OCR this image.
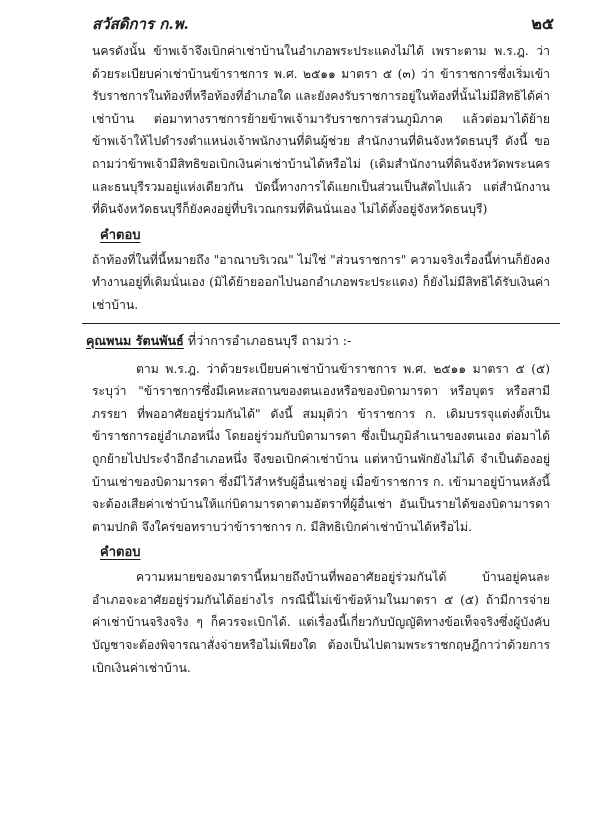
สวัสดิการ ก.พ.	๒๕

นครดังนั้น ข้าพเจ้าจึงเบิกค่าเช่าบ้านในอำเภอพระประแดงไม่ได้ เพราะตาม พ.ร.ฎ. ว่าด้วยระเบียบค่าเช่าบ้านข้าราชการ พ.ศ. ๒๕๑๑ มาตรา ๕ (๓) ว่า ข้าราชการซึ่งเริ่มเข้ารับราชการในท้องที่หรือท้องที่อำเภอใด และยังคงรับราชการอยู่ในท้องที่นั้นไม่มีสิทธิได้ค่าเช่าบ้าน ต่อมาทางราชการย้ายข้าพเจ้ามารับราชการส่วนภูมิภาค แล้วต่อมาได้ย้ายข้าพเจ้าให้ไปดำรงตำแหน่งเจ้าพนักงานที่ดินผู้ช่วย สำนักงานที่ดินจังหวัดธนบุรี ดังนี้ ขอถามว่าข้าพเจ้ามีสิทธิขอเบิกเงินค่าเช่าบ้านได้หรือไม่ (เดิมสำนักงานที่ดินจังหวัดพระนครและธนบุรีรวมอยู่แห่งเดียวกัน บัดนี้ทางการได้แยกเป็นส่วนเป็นสัดไปแล้ว แต่สำนักงานที่ดินจังหวัดธนบุรีก็ยังคงอยู่ที่บริเวณกรมที่ดินนั่นเอง ไม่ได้ตั้งอยู่จังหวัดธนบุรี)

คำตอบ

ถ้าท้องที่ในที่นี้หมายถึง "อาณาบริเวณ" ไม่ใช่ "ส่วนราชการ" ความจริงเรื่องนี้ท่านก็ยังคงทำงานอยู่ที่เดิมนั่นเอง (มิได้ย้ายออกไปนอกอำเภอพระประแดง) ก็ยังไม่มีสิทธิได้รับเงินค่าเช่าบ้าน.

คุณพนม รัตนพันธ์ ที่ว่าการอำเภอธนบุรี ถามว่า :-

ตาม พ.ร.ฎ. ว่าด้วยระเบียบค่าเช่าบ้านข้าราชการ พ.ศ. ๒๕๑๑ มาตรา ๕ (๕) ระบุว่า "ข้าราชการซึ่งมีเคหะสถานของตนเองหรือของบิดามารดา หรือบุตร หรือสามี ภรรยา ที่พออาศัยอยู่ร่วมกันได้" ดังนี้ สมมุติว่า ข้าราชการ ก. เดิมบรรจุแต่งตั้งเป็นข้าราชการอยู่อำเภอหนึ่ง โดยอยู่ร่วมกับบิดามารดา ซึ่งเป็นภูมิลำเนาของตนเอง ต่อมาได้ถูกย้ายไปประจำอีกอำเภอหนึ่ง จึงขอเบิกค่าเช่าบ้าน แต่หาบ้านพักยังไม่ได้ จำเป็นต้องอยู่บ้านเช่าของบิดามารดา ซึ่งมีไว้สำหรับผู้อื่นเช่าอยู่ เมื่อข้าราชการ ก. เข้ามาอยู่บ้านหลังนี้ จะต้องเสียค่าเช่าบ้านให้แก่บิดามารดาตามอัตราที่ผู้อื่นเช่า อันเป็นรายได้ของบิดามารดาตามปกติ จึงใคร่ขอทราบว่าข้าราชการ ก. มีสิทธิเบิกค่าเช่าบ้านได้หรือไม่.

คำตอบ

ความหมายของมาตรานี้หมายถึงบ้านที่พออาศัยอยู่ร่วมกันได้ บ้านอยู่คนละอำเภอจะอาศัยอยู่ร่วมกันได้อย่างไร กรณีนี้ไม่เข้าข้อห้ามในมาตรา ๕ (๕) ถ้ามีการจ่ายค่าเช่าบ้านจริงจริง ๆ ก็ควรจะเบิกได้. แต่เรื่องนี้เกี่ยวกับบัญญัติทางข้อเท็จจริงซึ่งผู้บังคับบัญชาจะต้องพิจารณาสั่งจ่ายหรือไม่เพียงใด ต้องเป็นไปตามพระราชกฤษฎีกาว่าด้วยการเบิกเงินค่าเช่าบ้าน.
